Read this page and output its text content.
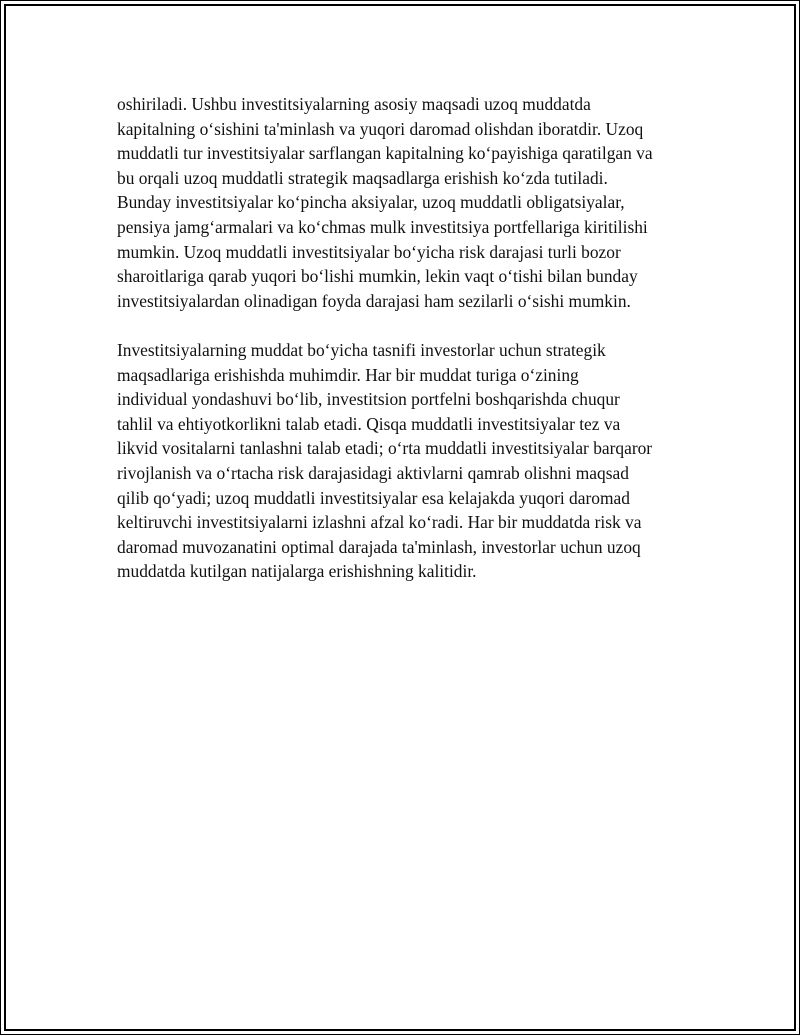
oshiriladi. Ushbu investitsiyalarning asosiy maqsadi uzoq muddatda
kapitalning o‘sishini ta'minlash va yuqori daromad olishdan iboratdir. Uzoq
muddatli tur investitsiyalar sarflangan kapitalning ko‘payishiga qaratilgan va
bu orqali uzoq muddatli strategik maqsadlarga erishish ko‘zda tutiladi.
Bunday investitsiyalar ko‘pincha aksiyalar, uzoq muddatli obligatsiyalar,
pensiya jamg‘armalari va ko‘chmas mulk investitsiya portfellariga kiritilishi
mumkin. Uzoq muddatli investitsiyalar bo‘yicha risk darajasi turli bozor
sharoitlariga qarab yuqori bo‘lishi mumkin, lekin vaqt o‘tishi bilan bunday
investitsiyalardan olinadigan foyda darajasi ham sezilarli o‘sishi mumkin.

Investitsiyalarning muddat bo‘yicha tasnifi investorlar uchun strategik
maqsadlariga erishishda muhimdir. Har bir muddat turiga o‘zining
individual yondashuvi bo‘lib, investitsion portfelni boshqarishda chuqur
tahlil va ehtiyotkorlikni talab etadi. Qisqa muddatli investitsiyalar tez va
likvid vositalarni tanlashni talab etadi; o‘rta muddatli investitsiyalar barqaror
rivojlanish va o‘rtacha risk darajasidagi aktivlarni qamrab olishni maqsad
qilib qo‘yadi; uzoq muddatli investitsiyalar esa kelajakda yuqori daromad
keltiruvchi investitsiyalarni izlashni afzal ko‘radi. Har bir muddatda risk va
daromad muvozanatini optimal darajada ta'minlash, investorlar uchun uzoq
muddatda kutilgan natijalarga erishishning kalitidir.
